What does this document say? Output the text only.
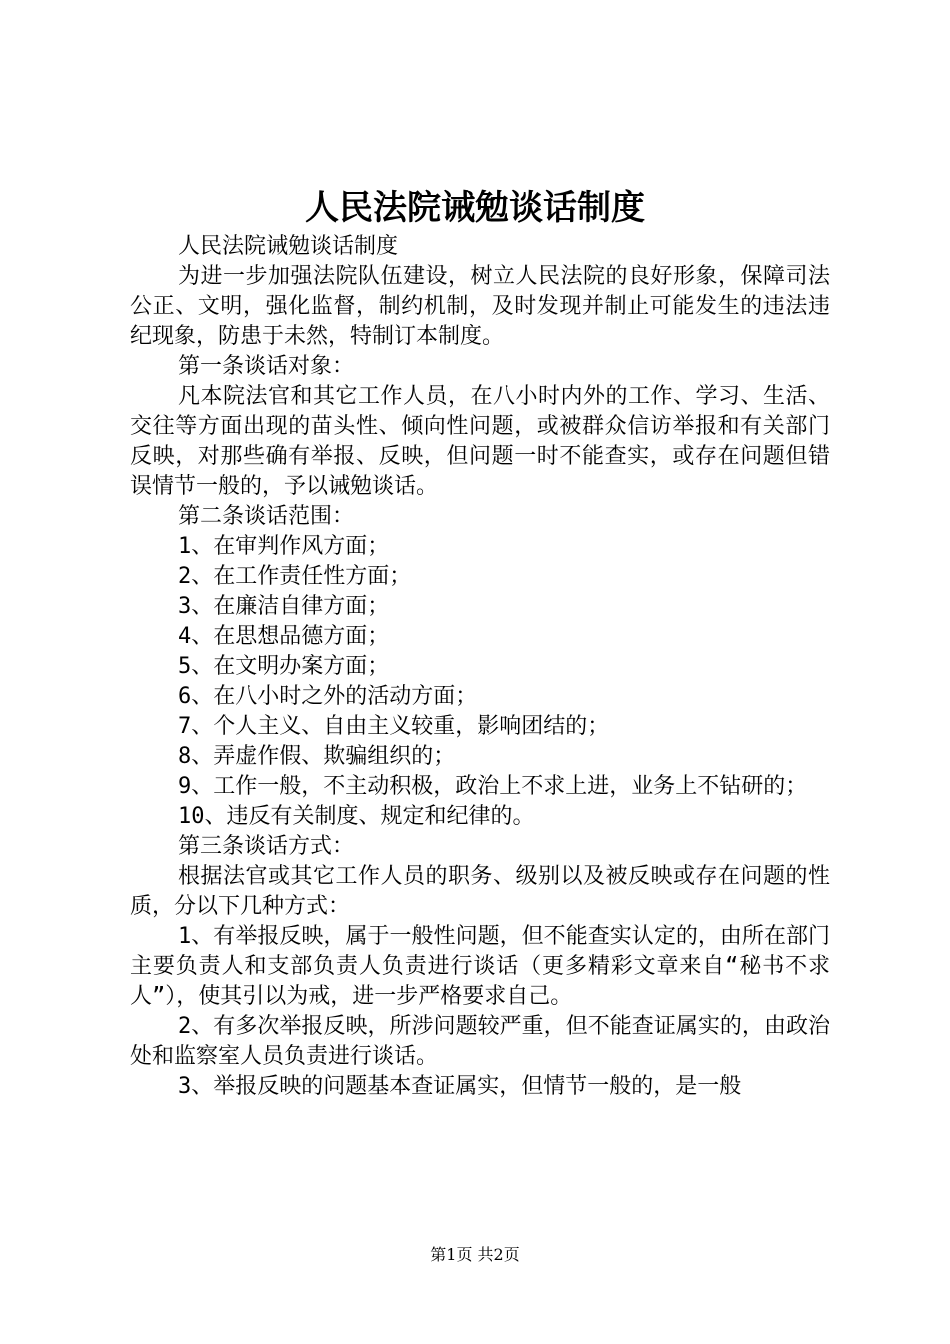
人民法院诫勉谈话制度

人民法院诫勉谈话制度

为进一步加强法院队伍建设，树立人民法院的良好形象，保障司法公正、文明，强化监督，制约机制，及时发现并制止可能发生的违法违纪现象，防患于未然，特制订本制度。

第一条谈话对象：

凡本院法官和其它工作人员，在八小时内外的工作、学习、生活、交往等方面出现的苗头性、倾向性问题，或被群众信访举报和有关部门反映，对那些确有举报、反映，但问题一时不能查实，或存在问题但错误情节一般的，予以诫勉谈话。

第二条谈话范围：

1、在审判作风方面；

2、在工作责任性方面；

3、在廉洁自律方面；

4、在思想品德方面；

5、在文明办案方面；

6、在八小时之外的活动方面；

7、个人主义、自由主义较重，影响团结的；

8、弄虚作假、欺骗组织的；

9、工作一般，不主动积极，政治上不求上进，业务上不钻研的；

10、违反有关制度、规定和纪律的。

第三条谈话方式：

根据法官或其它工作人员的职务、级别以及被反映或存在问题的性质，分以下几种方式：

1、有举报反映，属于一般性问题，但不能查实认定的，由所在部门主要负责人和支部负责人负责进行谈话（更多精彩文章来自“秘书不求人”），使其引以为戒，进一步严格要求自己。

2、有多次举报反映，所涉问题较严重，但不能查证属实的，由政治处和监察室人员负责进行谈话。

3、举报反映的问题基本查证属实，但情节一般的，是一般

第1页 共2页
